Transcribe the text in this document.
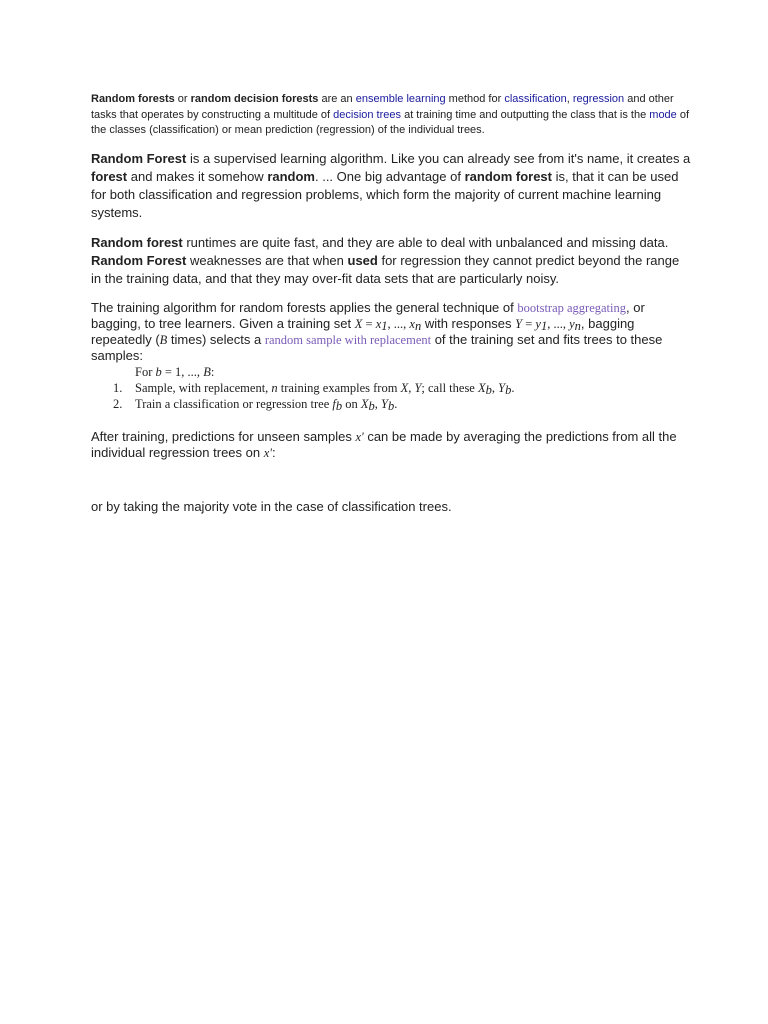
Random forests or random decision forests are an ensemble learning method for classification, regression and other tasks that operates by constructing a multitude of decision trees at training time and outputting the class that is the mode of the classes (classification) or mean prediction (regression) of the individual trees.

Random Forest is a supervised learning algorithm. Like you can already see from it's name, it creates a forest and makes it somehow random. ... One big advantage of random forest is, that it can be used for both classification and regression problems, which form the majority of current machine learning systems.

Random forest runtimes are quite fast, and they are able to deal with unbalanced and missing data. Random Forest weaknesses are that when used for regression they cannot predict beyond the range in the training data, and that they may over-fit data sets that are particularly noisy.

The training algorithm for random forests applies the general technique of bootstrap aggregating, or bagging, to tree learners. Given a training set $X = x_1$, ..., $x_n$ with responses $Y = y_1$, ..., $y_n$, bagging repeatedly (B times) selects a random sample with replacement of the training set and fits trees to these samples:

For b = 1, ..., B:
1.	Sample, with replacement, n training examples from X, Y; call these $X_b$, $Y_b$.
2.	Train a classification or regression tree $f_b$ on $X_b$, $Y_b$.

After training, predictions for unseen samples x' can be made by averaging the predictions from all the individual regression trees on x':

or by taking the majority vote in the case of classification trees.
